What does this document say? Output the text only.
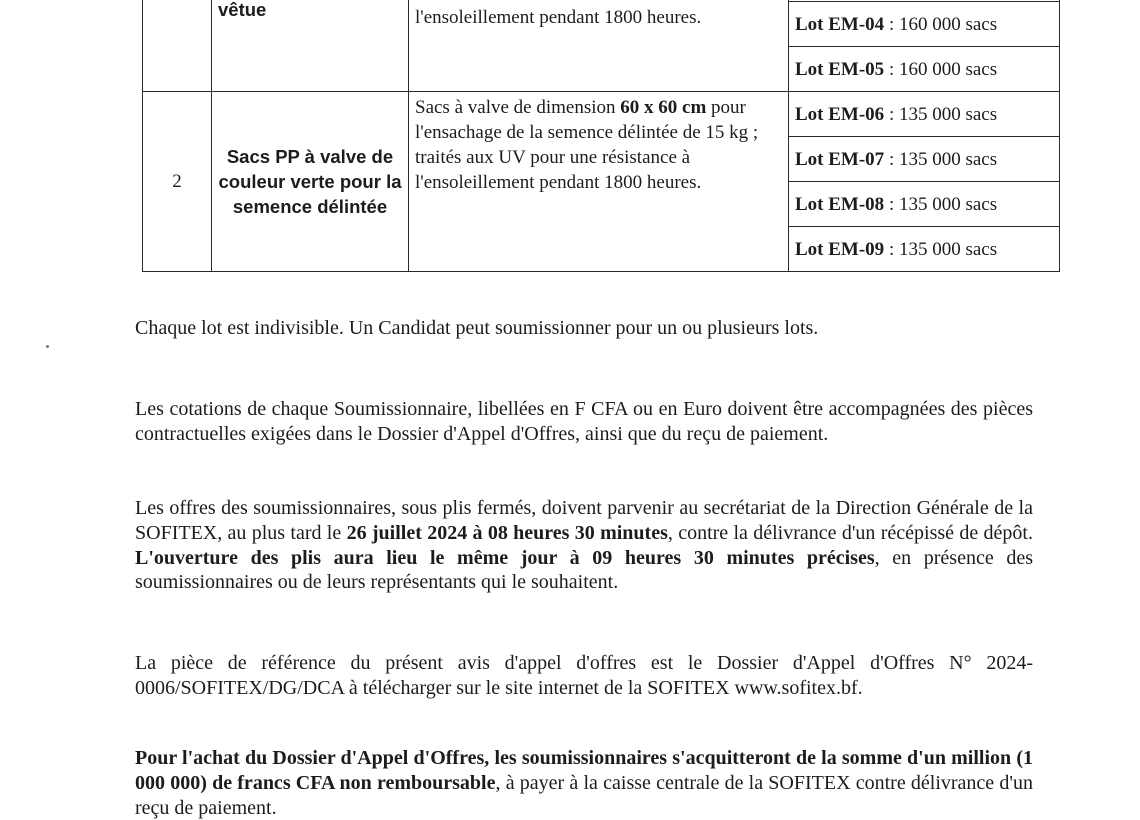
	vêtue	l'ensoleillement pendant 1800 heures.	
			Lot EM-04 : 160 000 sacs
			Lot EM-05 : 160 000 sacs
2	Sacs PP à valve de couleur verte pour la semence délintée	Sacs à valve de dimension 60 x 60 cm pour l'ensachage de la semence délintée de 15 kg ; traités aux UV pour une résistance à l'ensoleillement pendant 1800 heures.	Lot EM-06 : 135 000 sacs
			Lot EM-07 : 135 000 sacs
			Lot EM-08 : 135 000 sacs
			Lot EM-09 : 135 000 sacs
Chaque lot est indivisible. Un Candidat peut soumissionner pour un ou plusieurs lots.
Les cotations de chaque Soumissionnaire, libellées en F CFA ou en Euro doivent être accompagnées des pièces contractuelles exigées dans le Dossier d'Appel d'Offres, ainsi que du reçu de paiement.
Les offres des soumissionnaires, sous plis fermés, doivent parvenir au secrétariat de la Direction Générale de la SOFITEX, au plus tard le 26 juillet 2024 à 08 heures 30 minutes, contre la délivrance d'un récépissé de dépôt. L'ouverture des plis aura lieu le même jour à 09 heures 30 minutes précises, en présence des soumissionnaires ou de leurs représentants qui le souhaitent.
La pièce de référence du présent avis d'appel d'offres est le Dossier d'Appel d'Offres N° 2024-0006/SOFITEX/DG/DCA à télécharger sur le site internet de la SOFITEX www.sofitex.bf.
Pour l'achat du Dossier d'Appel d'Offres, les soumissionnaires s'acquitteront de la somme d'un million (1 000 000) de francs CFA non remboursable, à payer à la caisse centrale de la SOFITEX contre délivrance d'un reçu de paiement.
